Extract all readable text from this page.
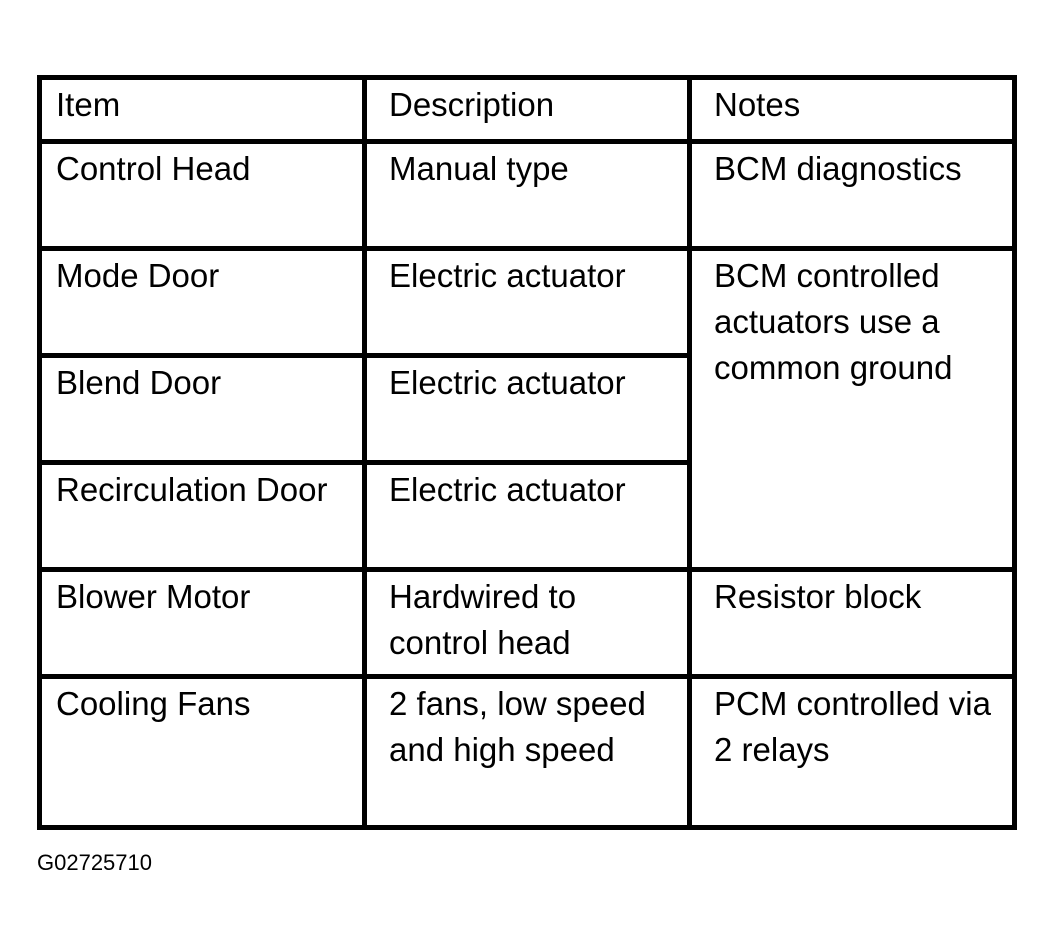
Item	Description	Notes
Control Head	Manual type	BCM diagnostics
Mode Door	Electric actuator	BCM controlled actuators use a common ground
Blend Door	Electric actuator	
Recirculation Door	Electric actuator	
Blower Motor	Hardwired to control head	Resistor block
Cooling Fans	2 fans, low speed and high speed	PCM controlled via 2 relays
G02725710
